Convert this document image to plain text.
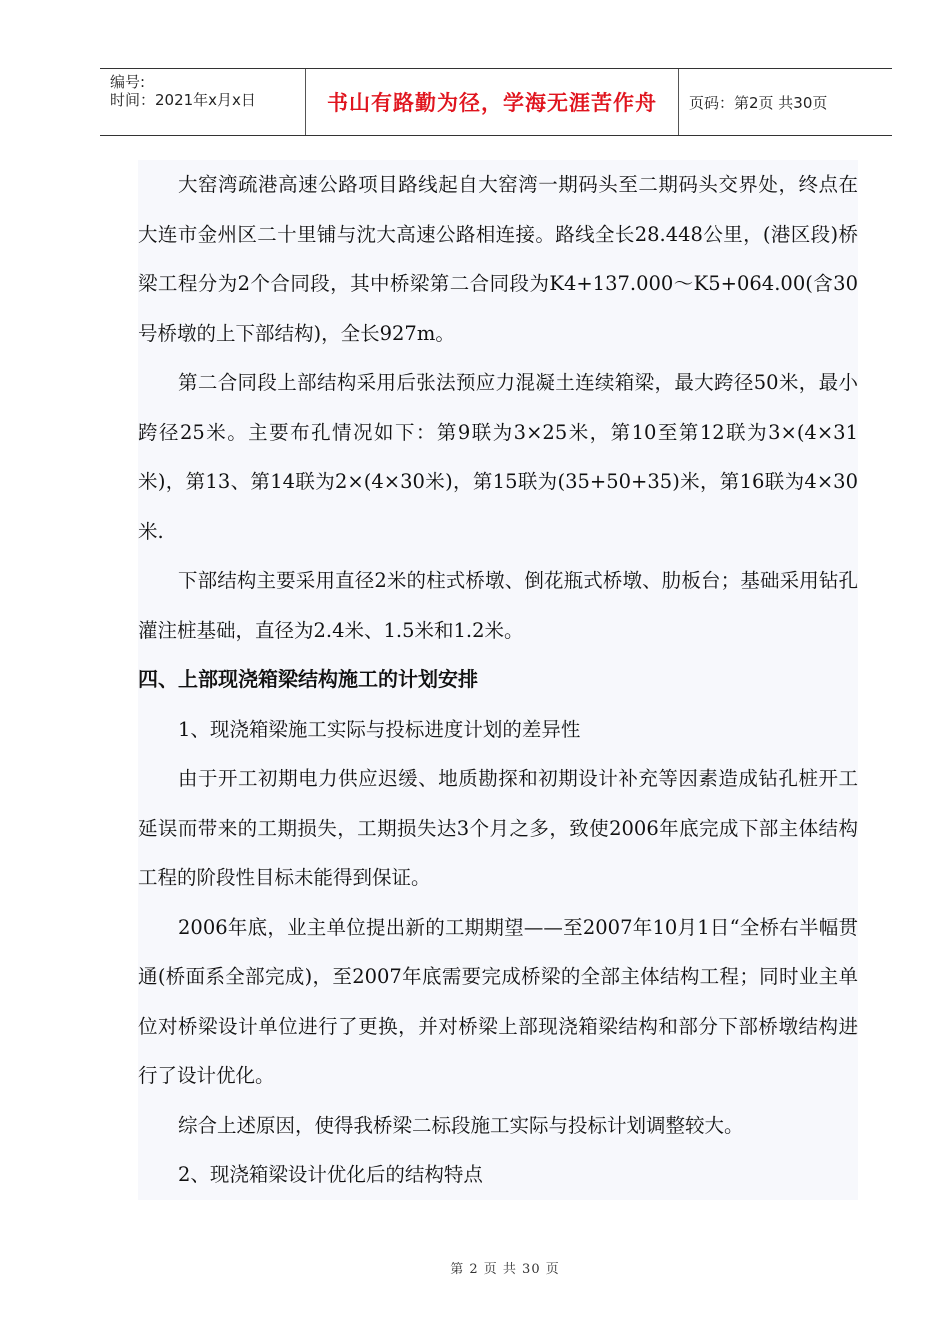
编号:
时间：2021年x月x日	书山有路勤为径，学海无涯苦作舟 页码：第2页 共30页

大窑湾疏港高速公路项目路线起自大窑湾一期码头至二期码头交界处，终点在大连市金州区二十里铺与沈大高速公路相连接。路线全长28.448公里，(港区段)桥梁工程分为2个合同段，其中桥梁第二合同段为K4+137.000～K5+064.00(含30号桥墩的上下部结构)，全长927m。

第二合同段上部结构采用后张法预应力混凝土连续箱梁，最大跨径50米，最小跨径25米。主要布孔情况如下：第9联为3×25米，第10至第12联为3×(4×31米)，第13、第14联为2×(4×30米)，第15联为(35+50+35)米，第16联为4×30米.

下部结构主要采用直径2米的柱式桥墩、倒花瓶式桥墩、肋板台；基础采用钻孔灌注桩基础，直径为2.4米、1.5米和1.2米。

四、上部现浇箱梁结构施工的计划安排

1、现浇箱梁施工实际与投标进度计划的差异性

由于开工初期电力供应迟缓、地质勘探和初期设计补充等因素造成钻孔桩开工延误而带来的工期损失，工期损失达3个月之多，致使2006年底完成下部主体结构工程的阶段性目标未能得到保证。

2006年底，业主单位提出新的工期期望——至2007年10月1日“全桥右半幅贯通(桥面系全部完成)，至2007年底需要完成桥梁的全部主体结构工程；同时业主单位对桥梁设计单位进行了更换，并对桥梁上部现浇箱梁结构和部分下部桥墩结构进行了设计优化。

综合上述原因，使得我桥梁二标段施工实际与投标计划调整较大。

2、现浇箱梁设计优化后的结构特点

第 2 页 共 30 页
